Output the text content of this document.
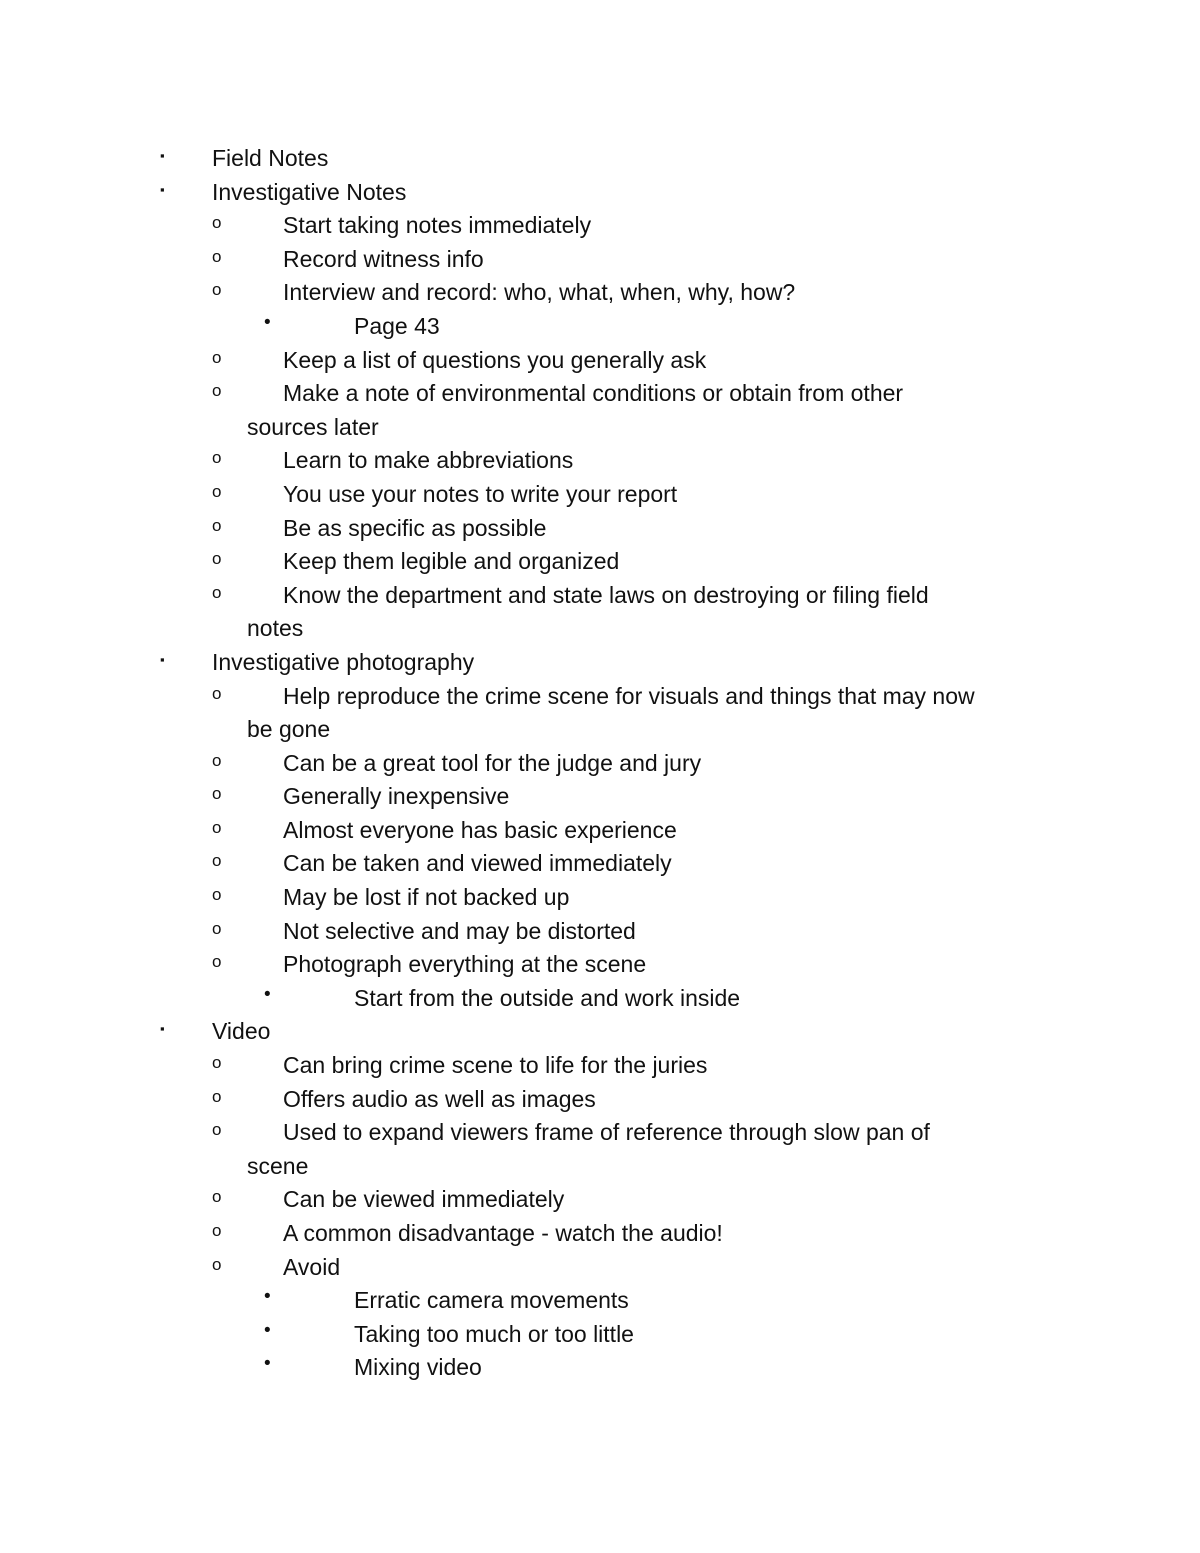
▪ Field Notes
▪ Investigative Notes
o	Start taking notes immediately
o	Record witness info
o	Interview and record: who, what, when, why, how?
•	Page 43
o	Keep a list of questions you generally ask
o	Make a note of environmental conditions or obtain from other
sources later
o	Learn to make abbreviations
o	You use your notes to write your report
o	Be as specific as possible
o	Keep them legible and organized
o	Know the department and state laws on destroying or filing field
notes
▪ Investigative photography
o	Help reproduce the crime scene for visuals and things that may now
be gone
o	Can be a great tool for the judge and jury
o	Generally inexpensive
o	Almost everyone has basic experience
o	Can be taken and viewed immediately
o	May be lost if not backed up
o	Not selective and may be distorted
o	Photograph everything at the scene
•	Start from the outside and work inside
▪ Video
o	Can bring crime scene to life for the juries
o	Offers audio as well as images
o	Used to expand viewers frame of reference through slow pan of
scene
o	Can be viewed immediately
o	A common disadvantage - watch the audio!
o	Avoid
•	Erratic camera movements
•	Taking too much or too little
•	Mixing video
